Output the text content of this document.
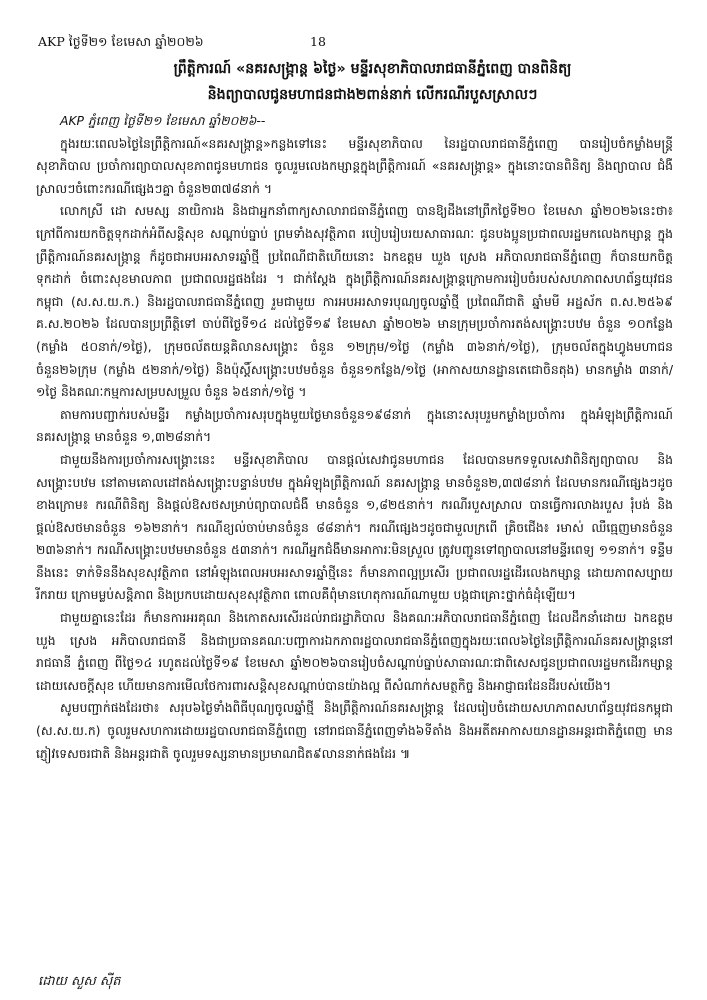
AKP ថ្ងៃទី២១ ខែមេសា ឆ្នាំ២០២៦	18
ព្រឹត្តិការណ៍ «នគរសង្ក្រាន្ត ៦ថ្ងៃ» មន្ទីរសុខាភិបាលរាជធានីភ្នំពេញ បានពិនិត្យ
និងព្យាបាលជូនមហាជនជាង២ពាន់នាក់ លើករណីរបួសស្រាលៗ

AKP ភ្នំពេញ ថ្ងៃទី២១ ខែមេសា ឆ្នាំ២០២៦--

ក្នុងរយៈពេល៦ថ្ងៃនៃព្រឹត្តិការណ៍«នគរសង្ក្រាន្ត»កន្លងទៅនេះ មន្ទីរសុខាភិបាល នៃរដ្ឋបាលរាជធានីភ្នំពេញ បានរៀបចំកម្លាំងមន្ត្រីសុខាភិបាល ប្រចាំការព្យាបាលសុខភាពជូនមហាជន ចូលរួមលេងកម្សាន្តក្នុងព្រឹត្តិការណ៍ «នគរសង្ក្រាន្ត» ក្នុងនោះបានពិនិត្យ និងព្យាបាល ជំងឺស្រាលៗចំពោះករណីផ្សេងៗគ្នា ចំនួន២៣៧៨នាក់ ។

លោកស្រី ដោ សមស្ស នាយិការង និងជាអ្នកនាំពាក្យសាលារាជធានីភ្នំពេញ បានឱ្យដឹងនៅព្រឹកថ្ងៃទី២០ ខែមេសា ឆ្នាំ២០២៦នេះថា៖ ក្រៅពីការយកចិត្តទុកដាក់អំពីសន្តិសុខ សណ្ដាប់ធ្នាប់ ព្រមទាំងសុវត្ថិភាព របៀបរៀបរយសាធារណៈ ជូនបងប្អូនប្រជាពលរដ្ឋមកលេងកម្សាន្ត ក្នុងព្រឹត្តិការណ៍នគរសង្ក្រាន្ត ក៏ដូចជាអបអរសាទរឆ្នាំថ្មី ប្រពៃណីជាតិហើយនោះ ឯកឧត្តម ឃួង ស្រេង អភិបាលរាជធានីភ្នំពេញ ក៏បានយកចិត្តទុកដាក់ ចំពោះសុខមាលភាព ប្រជាពលរដ្ឋផងដែរ ។ ជាក់ស្ដែង ក្នុងព្រឹត្តិការណ៍នគរសង្ក្រាន្តក្រោមការរៀបចំរបស់សហភាពសហព័ន្ធយុវជន កម្ពុជា (ស.ស.យ.ក.) និងរដ្ឋបាលរាជធានីភ្នំពេញ រួមជាមួយ ការអបអរសាទរបុណ្យចូលឆ្នាំថ្មី ប្រពៃណីជាតិ ឆ្នាំមមី អដ្ឋស័ក ព.ស.២៥៦៩ គ.ស.២០២៦ ដែលបានប្រព្រឹត្តិទៅ ចាប់ពីថ្ងៃទី១៤ ដល់ថ្ងៃទី១៩ ខែមេសា ឆ្នាំ២០២៦ មានក្រុមប្រចាំការតង់សង្គ្រោះបឋម ចំនួន ១០កន្លែង (កម្លាំង ៥០នាក់/១ថ្ងៃ), ក្រុមចល័តយន្តគិលានសង្គ្រោះ ចំនួន ១២ក្រុម/១ថ្ងៃ (កម្លាំង ៣៦នាក់/១ថ្ងៃ), ក្រុមចល័តក្នុងហ្វូងមហាជនចំនួន២៦ក្រុម (កម្លាំង ៥២នាក់/១ថ្ងៃ) និងប៉ុស្តិ៍សង្គ្រោះបឋមចំនួន ចំនួន១កន្លែង/១ថ្ងៃ (អាកាសយានដ្ឋានតេជោចិនតុង) មានកម្លាំង ៣នាក់/១ថ្ងៃ និងគណៈកម្មការសម្របសម្រួល ចំនួន ៦៥នាក់/១ថ្ងៃ ។

តាមការបញ្ជាក់របស់មន្ទីរ កម្លាំងប្រចាំការសរុបក្នុងមួយថ្ងៃមានចំនួន១៩៨នាក់ ក្នុងនោះសរុបរួមកម្លាំងប្រចាំការ ក្នុងអំឡុងព្រឹត្តិការណ៍នគរសង្ក្រាន្ត មានចំនួន ១,៣២៨នាក់។

ជាមួយនឹងការប្រចាំការសង្គ្រោះនេះ មន្ទីរសុខាភិបាល បានផ្តល់សេវាជូនមហាជន ដែលបានមកទទួលសេវាពិនិត្យព្យាបាល និងសង្គ្រោះបឋម នៅតាមគោលដៅតង់សង្គ្រោះបន្ទាន់បឋម ក្នុងអំឡុងព្រឹត្តិការណ៍ នគរសង្ក្រាន្ត មានចំនួន២,៣៧៨នាក់ ដែលមានករណីផ្សេងៗដូចខាងក្រោម៖ ករណីពិនិត្យ និងផ្តល់ឱសថសម្រាប់ព្យាបាលជំងឺ មានចំនួន ១,៨២៥នាក់។ ករណីរបួសស្រាល បានធ្វើការលាងរបួស រុំបង់ និងផ្ដល់ឱសថមានចំនួន ១៦២នាក់។ ករណីខ្យល់ចាប់មានចំនួន ៨៨នាក់។ ករណីផ្សេងៗដូចជាមួលក្រពើ គ្រិចជើង៖ រមាស់ ឈឺធ្មេញមានចំនួន ២៣៦នាក់។ ករណីសង្គ្រោះបឋមមានចំនួន ៥៣នាក់។ ករណីអ្នកជំងឺមានអាការៈមិនស្រួល ត្រូវបញ្ជូនទៅព្យាបាលនៅមន្ទីរពេទ្យ ១១នាក់។ ទន្ទឹមនឹងនេះ ទាក់ទិននឹងសុខសុវត្ថិភាព នៅអំឡុងពេលអបអរសាទរឆ្នាំថ្មីនេះ ក៏មានភាពល្អប្រសើរ ប្រជាពលរដ្ឋដើរលេងកម្សាន្ត ដោយភាពសប្បាយរីករាយ ក្រោមម្លប់សន្តិភាព និងប្រកបដោយសុខសុវត្ថិភាព ពោលគឺពុំមានហេតុការណ៍ណាមួយ បង្កជាគ្រោះថ្នាក់ធំដុំឡើយ។

ជាមួយគ្នានេះដែរ ក៏មានការអរគុណ និងកោតសរសើរដល់រាជរដ្ឋាភិបាល និងគណៈអភិបាលរាជធានីភ្នំពេញ ដែលដឹកនាំដោយ ឯកឧត្តម ឃួង ស្រេង អភិបាលរាជធានី និងជាប្រធានគណៈបញ្ជាការឯកភាពរដ្ឋបាលរាជធានីភ្នំពេញក្នុងរយៈពេល៦ថ្ងៃនៃព្រឹត្តិការណ៍នគរសង្ក្រាន្តនៅរាជធានី ភ្នំពេញ ពីថ្ងៃ១៤ រហូតដល់ថ្ងៃទី១៩ ខែមេសា ឆ្នាំ២០២៦បានរៀបចំសណ្ដាប់ធ្នាប់សាធារណៈជាពិសេសជូនប្រជាពលរដ្ឋមកដើរកម្សាន្តដោយសេចក្តីសុខ ហើយមានការមើលថែការពារសន្តិសុខសណ្ដាប់បានយ៉ាងល្អ ពីសំណាក់សមត្ថកិច្ច និងអាជ្ញាធរដែនដីរបស់យើង។

សូមបញ្ជាក់ផងដែរថា៖ សរុប៦ថ្ងៃទាំងពិធីបុណ្យចូលឆ្នាំថ្មី និងព្រឹត្តិការណ៍នគរសង្ក្រាន្ត ដែលរៀបចំដោយសហភាពសហព័ន្ធយុវជនកម្ពុជា (ស.ស.យ.ក) ចូលរួមសហការដោយរដ្ឋបាលរាជធានីភ្នំពេញ នៅរាជធានីភ្នំពេញទាំង៦ទីតាំង និងអតីតអាកាសយានដ្ឋានអន្តរជាតិភ្នំពេញ មានភ្ញៀវទេសចរជាតិ និងអន្តរជាតិ ចូលរួមទស្សនាមានប្រមាណជិត៩លាននាក់ផងដែរ ៕

ដោយ សួស ស៊ីត
